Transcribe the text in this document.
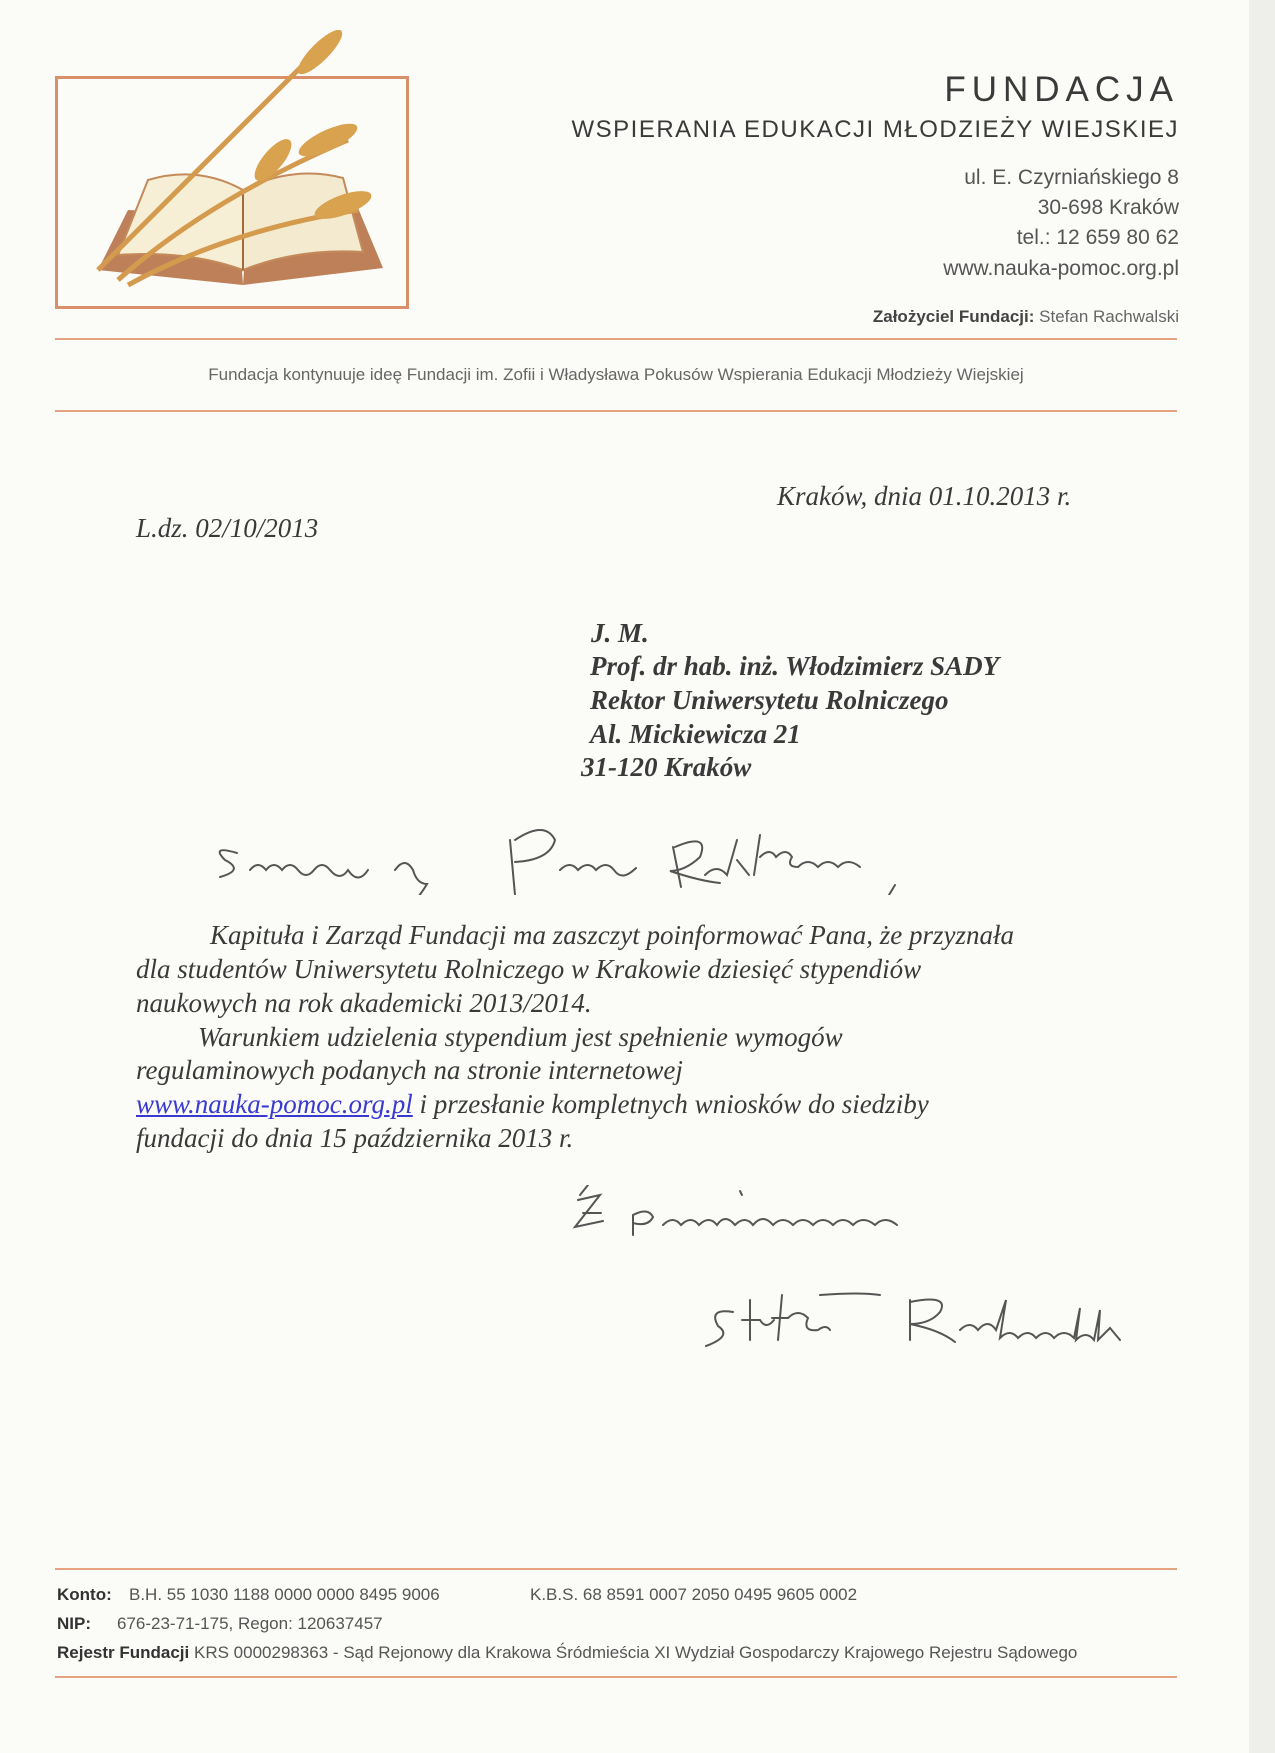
FUNDACJA
WSPIERANIA EDUKACJI MŁODZIEŻY WIEJSKIEJ
ul. E. Czyrniańskiego 8
30-698 Kraków
tel.: 12 659 80 62
www.nauka-pomoc.org.pl
Założyciel Fundacji: Stefan Rachwalski
Fundacja kontynuuje ideę Fundacji im. Zofii i Władysława Pokusów Wspierania Edukacji Młodzieży Wiejskiej
L.dz. 02/10/2013
Kraków, dnia 01.10.2013 r.
J. M.
Prof. dr hab. inż. Włodzimierz SADY
Rektor Uniwersytetu Rolniczego
Al. Mickiewicza 21
31-120 Kraków
Kapituła i Zarząd Fundacji ma zaszczyt poinformować Pana, że przyznała
dla studentów Uniwersytetu Rolniczego w Krakowie dziesięć stypendiów
naukowych na rok akademicki 2013/2014.
Warunkiem udzielenia stypendium jest spełnienie wymogów
regulaminowych podanych na stronie internetowej
www.nauka-pomoc.org.pl i przesłanie kompletnych wniosków do siedziby
fundacji do dnia 15 października 2013 r.
Konto: B.H. 55 1030 1188 0000 0000 8495 9006	K.B.S. 68 8591 0007 2050 0495 9605 0002
NIP: 676-23-71-175, Regon: 120637457
Rejestr Fundacji KRS 0000298363 - Sąd Rejonowy dla Krakowa Śródmieścia XI Wydział Gospodarczy Krajowego Rejestru Sądowego
